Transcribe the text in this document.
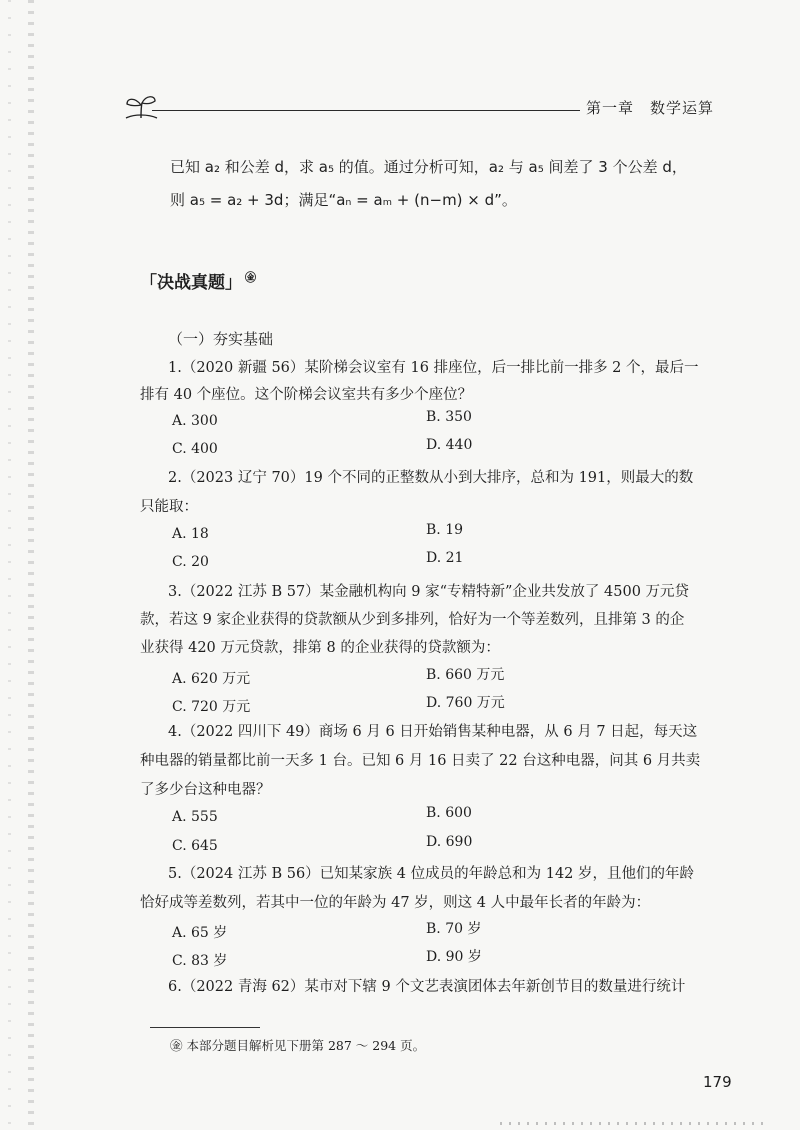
第一章　数学运算
已知 a₂ 和公差 d，求 a₅ 的值。通过分析可知，a₂ 与 a₅ 间差了 3 个公差 d，
则 a₅ = a₂ + 3d；满足“aₙ = aₘ + (n−m) × d”。
「决战真题」 ㊎
（一）夯实基础
1.（2020 新疆 56）某阶梯会议室有 16 排座位，后一排比前一排多 2 个，最后一
排有 40 个座位。这个阶梯会议室共有多少个座位？
A. 300	B. 350
C. 400	D. 440
2.（2023 辽宁 70）19 个不同的正整数从小到大排序，总和为 191，则最大的数
只能取：
A. 18	B. 19
C. 20	D. 21
3.（2022 江苏 B 57）某金融机构向 9 家“专精特新”企业共发放了 4500 万元贷
款，若这 9 家企业获得的贷款额从少到多排列，恰好为一个等差数列，且排第 3 的企
业获得 420 万元贷款，排第 8 的企业获得的贷款额为：
A. 620 万元	B. 660 万元
C. 720 万元	D. 760 万元
4.（2022 四川下 49）商场 6 月 6 日开始销售某种电器，从 6 月 7 日起，每天这
种电器的销量都比前一天多 1 台。已知 6 月 16 日卖了 22 台这种电器，问其 6 月共卖
了多少台这种电器？
A. 555	B. 600
C. 645	D. 690
5.（2024 江苏 B 56）已知某家族 4 位成员的年龄总和为 142 岁，且他们的年龄
恰好成等差数列，若其中一位的年龄为 47 岁，则这 4 人中最年长者的年龄为：
A. 65 岁	B. 70 岁
C. 83 岁	D. 90 岁
6.（2022 青海 62）某市对下辖 9 个文艺表演团体去年新创节目的数量进行统计
㊎ 本部分题目解析见下册第 287 ～ 294 页。
179
